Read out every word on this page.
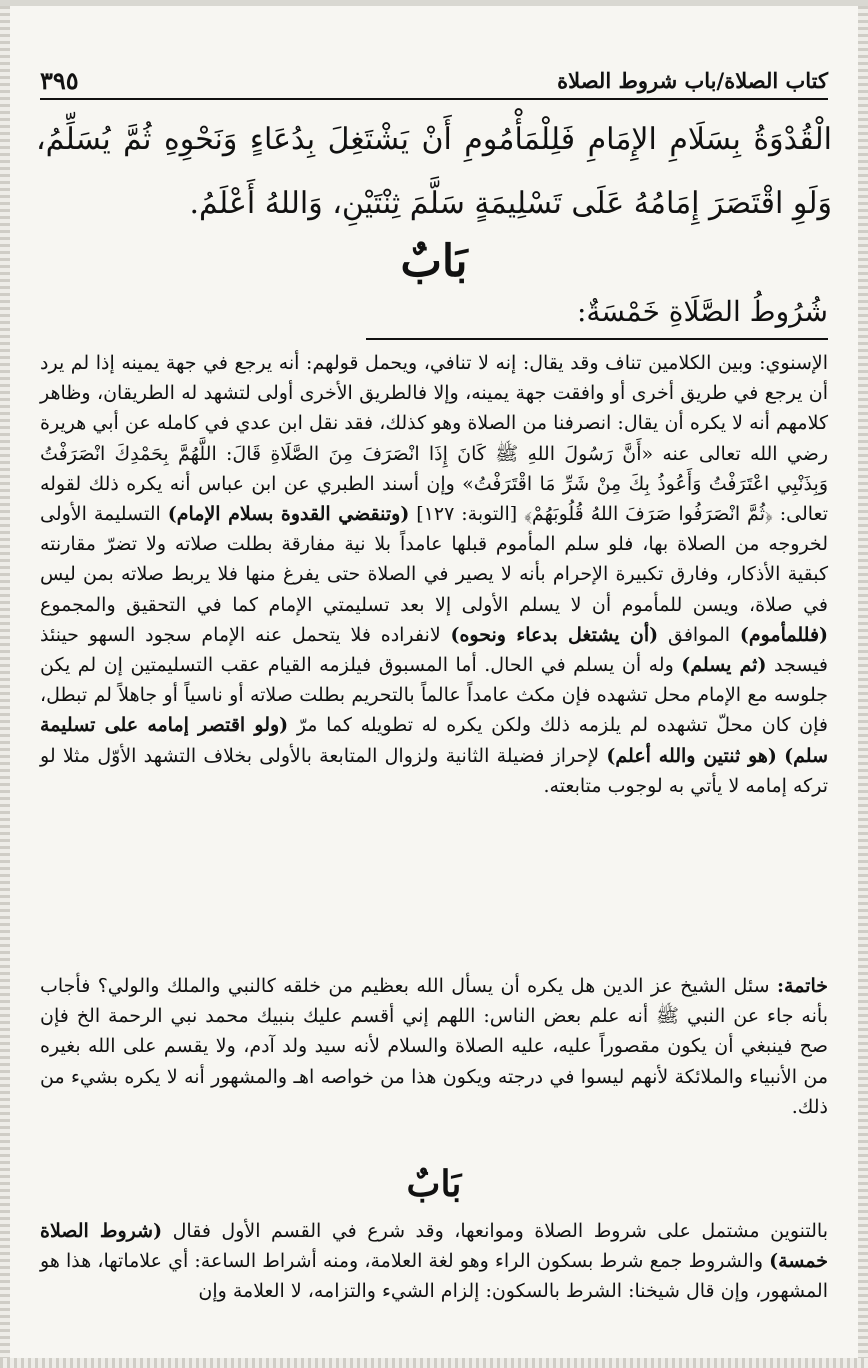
كتاب الصلاة/باب شروط الصلاة
٣٩٥
الْقُدْوَةُ بِسَلَامِ الإِمَامِ فَلِلْمَأْمُومِ أَنْ يَشْتَغِلَ بِدُعَاءٍ وَنَحْوِهِ ثُمَّ يُسَلِّمُ، وَلَوِ اقْتَصَرَ إِمَامُهُ عَلَى تَسْلِيمَةٍ سَلَّمَ ثِنْتَيْنِ، وَاللهُ أَعْلَمُ.
بَابٌ
شُرُوطُ الصَّلَاةِ خَمْسَةٌ:
الإسنوي: وبين الكلامين تناف وقد يقال: إنه لا تنافي، ويحمل قولهم: أنه يرجع في جهة يمينه إذا لم يرد أن يرجع في طريق أخرى أو وافقت جهة يمينه، وإلا فالطريق الأخرى أولى لتشهد له الطريقان، وظاهر كلامهم أنه لا يكره أن يقال: انصرفنا من الصلاة وهو كذلك، فقد نقل ابن عدي في كامله عن أبي هريرة رضي الله تعالى عنه «أَنَّ رَسُولَ اللهِ ﷺ كَانَ إِذَا انْصَرَفَ مِنَ الصَّلَاةِ قَالَ: اللَّهُمَّ بِحَمْدِكَ انْصَرَفْتُ وَبِذَنْبِي اعْتَرَفْتُ وَأَعُوذُ بِكَ مِنْ شَرِّ مَا اقْتَرَفْتُ» وإن أسند الطبري عن ابن عباس أنه يكره ذلك لقوله تعالى: ﴿ثُمَّ انْصَرَفُوا صَرَفَ اللهُ قُلُوبَهُمْ﴾ [التوبة: ١٢٧] (وتنقضي القدوة بسلام الإمام) التسليمة الأولى لخروجه من الصلاة بها، فلو سلم المأموم قبلها عامداً بلا نية مفارقة بطلت صلاته ولا تضرّ مقارنته كبقية الأذكار، وفارق تكبيرة الإحرام بأنه لا يصير في الصلاة حتى يفرغ منها فلا يربط صلاته بمن ليس في صلاة، ويسن للمأموم أن لا يسلم الأولى إلا بعد تسليمتي الإمام كما في التحقيق والمجموع (فللمأموم) الموافق (أن يشتغل بدعاء ونحوه) لانفراده فلا يتحمل عنه الإمام سجود السهو حينئذ فيسجد (ثم يسلم) وله أن يسلم في الحال. أما المسبوق فيلزمه القيام عقب التسليمتين إن لم يكن جلوسه مع الإمام محل تشهده فإن مكث عامداً عالماً بالتحريم بطلت صلاته أو ناسياً أو جاهلاً لم تبطل، فإن كان محلّ تشهده لم يلزمه ذلك ولكن يكره له تطويله كما مرّ (ولو اقتصر إمامه على تسليمة سلم) (هو ثنتين والله أعلم) لإحراز فضيلة الثانية ولزوال المتابعة بالأولى بخلاف التشهد الأوّل مثلا لو تركه إمامه لا يأتي به لوجوب متابعته.
خاتمة: سئل الشيخ عز الدين هل يكره أن يسأل الله بعظيم من خلقه كالنبي والملك والولي؟ فأجاب بأنه جاء عن النبي ﷺ أنه علم بعض الناس: اللهم إني أقسم عليك بنبيك محمد نبي الرحمة الخ فإن صح فينبغي أن يكون مقصوراً عليه، عليه الصلاة والسلام لأنه سيد ولد آدم، ولا يقسم على الله بغيره من الأنبياء والملائكة لأنهم ليسوا في درجته ويكون هذا من خواصه اهـ والمشهور أنه لا يكره بشيء من ذلك.
بَابٌ
بالتنوين مشتمل على شروط الصلاة وموانعها، وقد شرع في القسم الأول فقال (شروط الصلاة خمسة) والشروط جمع شرط بسكون الراء وهو لغة العلامة، ومنه أشراط الساعة: أي علاماتها، هذا هو المشهور، وإن قال شيخنا: الشرط بالسكون: إلزام الشيء والتزامه، لا العلامة وإن
